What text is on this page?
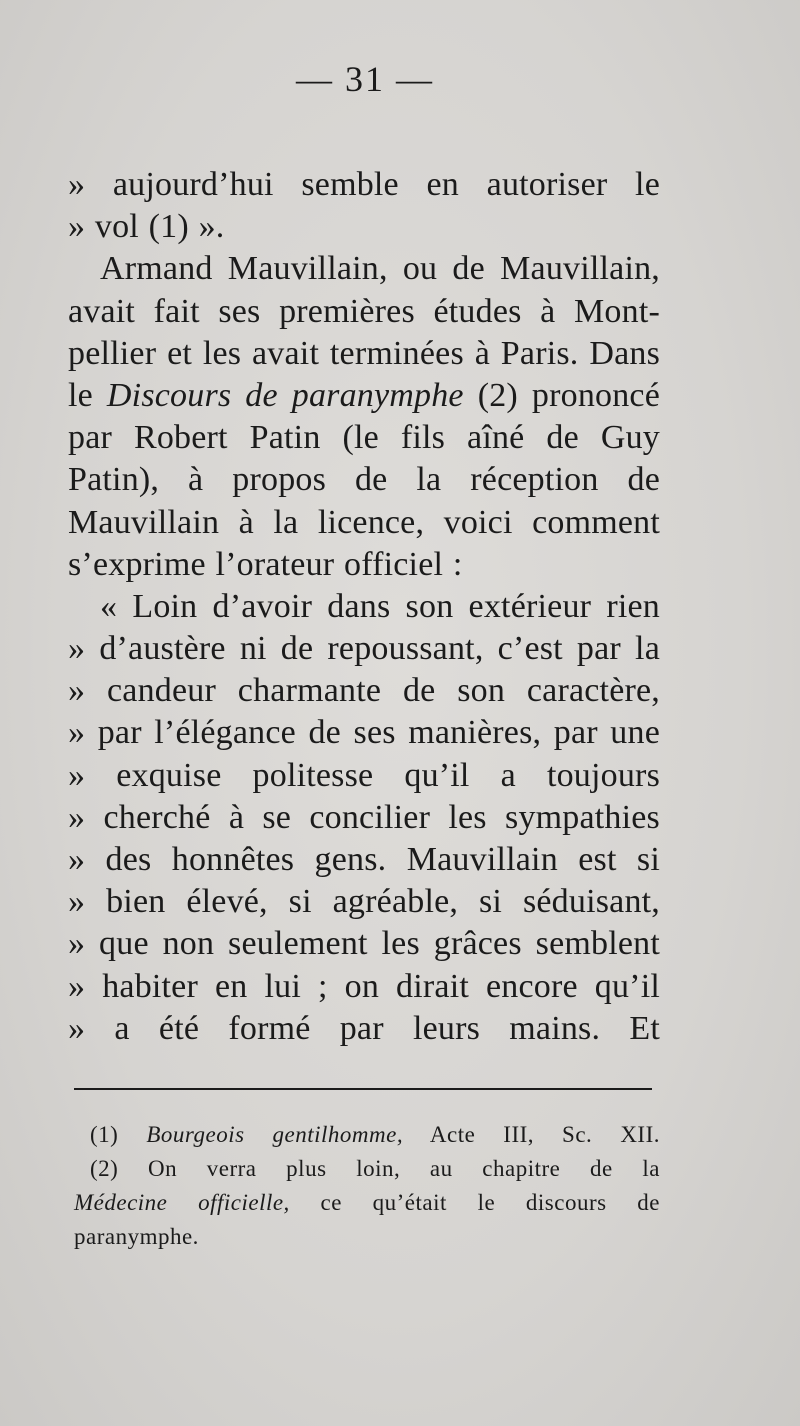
— 31 —
» aujourd’hui semble en autoriser le
» vol (1) ».
Armand Mauvillain, ou de Mauvillain,
avait fait ses premières études à Mont-
pellier et les avait terminées à Paris. Dans
le Discours de paranymphe (2) prononcé
par Robert Patin (le fils aîné de Guy
Patin), à propos de la réception de
Mauvillain à la licence, voici comment
s’exprime l’orateur officiel :
« Loin d’avoir dans son extérieur rien
» d’austère ni de repoussant, c’est par la
» candeur charmante de son caractère,
» par l’élégance de ses manières, par une
» exquise politesse qu’il a toujours
» cherché à se concilier les sympathies
» des honnêtes gens. Mauvillain est si
» bien élevé, si agréable, si séduisant,
» que non seulement les grâces semblent
» habiter en lui ; on dirait encore qu’il
» a été formé par leurs mains. Et
(1) Bourgeois gentilhomme, Acte III, Sc. XII.
(2) On verra plus loin, au chapitre de la
Médecine officielle, ce qu’était le discours de
paranymphe.
